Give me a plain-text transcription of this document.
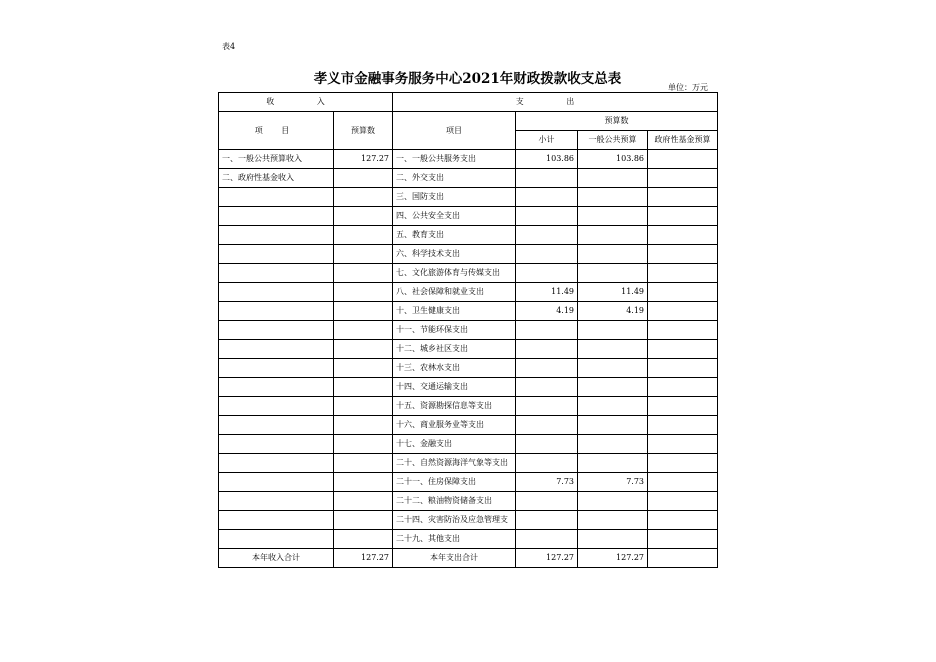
表4
孝义市金融事务服务中心2021年财政拨款收支总表
单位：万元
收 入		支 出			
项 目	预算数	项目	预算数		
			小计	一般公共预算	政府性基金预算
一、一般公共预算收入	127.27	一、一般公共服务支出	103.86	103.86	
二、政府性基金收入		二、外交支出			
		三、国防支出			
		四、公共安全支出			
		五、教育支出			
		六、科学技术支出			
		七、文化旅游体育与传媒支出			
		八、社会保障和就业支出	11.49	11.49	
		十、卫生健康支出	4.19	4.19	
		十一、节能环保支出			
		十二、城乡社区支出			
		十三、农林水支出			
		十四、交通运输支出			
		十五、资源勘探信息等支出			
		十六、商业服务业等支出			
		十七、金融支出			
		二十、自然资源海洋气象等支出			
		二十一、住房保障支出	7.73	7.73	
		二十二、粮油物资储备支出			
		二十四、灾害防治及应急管理支			
		二十九、其他支出			
本年收入合计	127.27	本年支出合计	127.27	127.27	
